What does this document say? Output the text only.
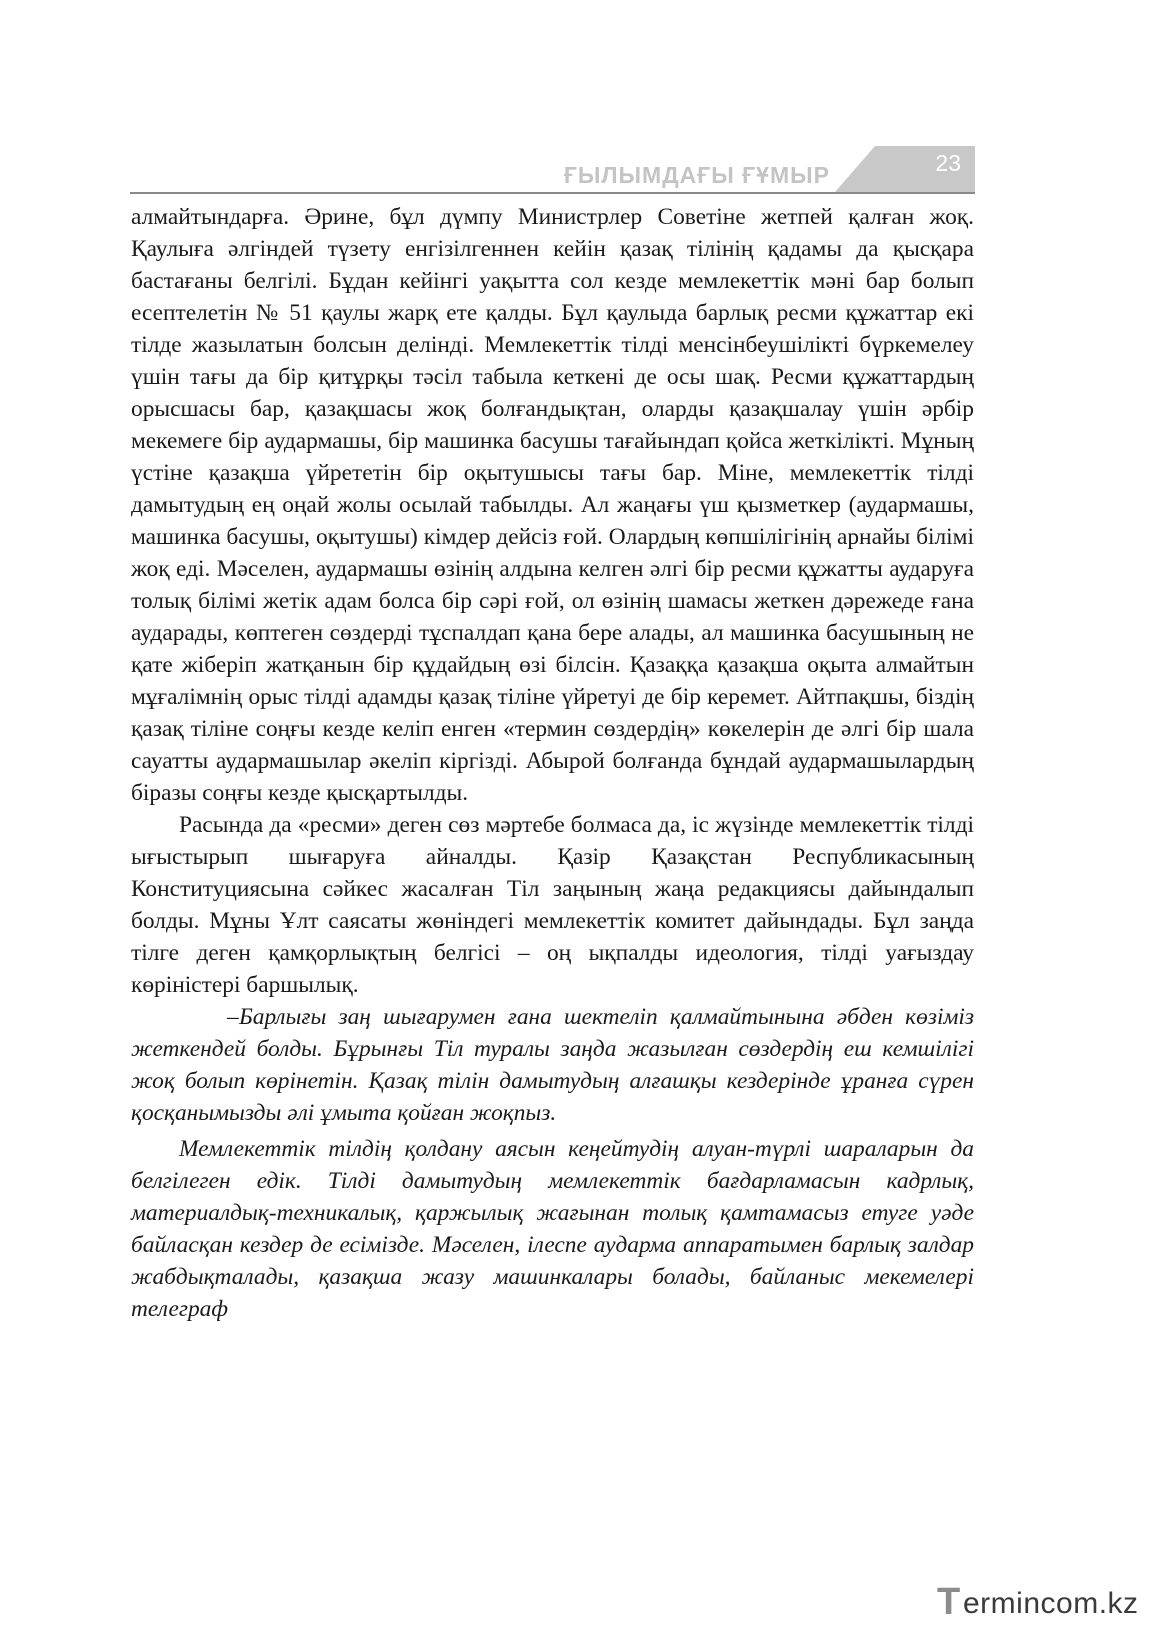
ҒЫЛЫМДАҒЫ ҒҰМЫР	23

алмайтындарға. Әрине, бұл дүмпу Министрлер Советіне жетпей қалған жоқ. Қаулыға әлгіндей түзету енгізілгеннен кейін қазақ тілінің қадамы да қысқара бастағаны белгілі. Бұдан кейінгі уақытта сол кезде мемлекеттік мәні бар болып есептелетін № 51 қаулы жарқ ете қалды. Бұл қаулыда барлық ресми құжаттар екі тілде жазылатын болсын делінді. Мемлекеттік тілді менсінбеушілікті бүркемелеу үшін тағы да бір қитұрқы тәсіл табыла кеткені де осы шақ. Ресми құжаттардың орысшасы бар, қазақшасы жоқ болғандықтан, оларды қазақшалау үшін әрбір мекемеге бір аудармашы, бір машинка басушы тағайындап қойса жеткілікті. Мұның үстіне қазақша үйрететін бір оқытушысы тағы бар. Міне, мемлекеттік тілді дамытудың ең оңай жолы осылай табылды. Ал жаңағы үш қызметкер (аудармашы, машинка басушы, оқытушы) кімдер дейсіз ғой. Олардың көпшілігінің арнайы білімі жоқ еді. Мәселен, аудармашы өзінің алдына келген әлгі бір ресми құжатты аударуға толық білімі жетік адам болса бір сәрі ғой, ол өзінің шамасы жеткен дәрежеде ғана аударады, көптеген сөздерді тұспалдап қана бере алады, ал машинка басушының не қате жіберіп жатқанын бір құдайдың өзі білсін. Қазаққа қазақша оқыта алмайтын мұғалімнің орыс тілді адамды қазақ тіліне үйретуі де бір керемет. Айтпақшы, біздің қазақ тіліне соңғы кезде келіп енген «термин сөздердің» көкелерін де әлгі бір шала сауатты аудармашылар әкеліп кіргізді. Абырой болғанда бұндай аудармашылардың біразы соңғы кезде қысқартылды.

Расында да «ресми» деген сөз мәртебе болмаса да, іс жүзінде мемлекеттік тілді ығыстырып шығаруға айналды. Қазір Қазақстан Республикасының Конституциясына сәйкес жасалған Тіл заңының жаңа редакциясы дайындалып болды. Мұны Ұлт саясаты жөніндегі мемлекеттік комитет дайындады. Бұл заңда тілге деген қамқорлықтың белгісі – оң ықпалды идеология, тілді уағыздау көріністері баршылық.

–Барлығы заң шығарумен ғана шектеліп қалмайтынына әбден көзіміз жеткендей болды. Бұрынғы Тіл туралы заңда жазылған сөздердің еш кемшілігі жоқ болып көрінетін. Қазақ тілін дамытудың алғашқы кездерінде ұранға сүрен қосқанымызды әлі ұмыта қойған жоқпыз.

Мемлекеттік тілдің қолдану аясын кеңейтудің алуан-түрлі шараларын да белгілеген едік. Тілді дамытудың мемлекеттік бағдарламасын кадрлық, материалдық-техникалық, қаржылық жағынан толық қамтамасыз етуге уәде байласқан кездер де есімізде. Мәселен, ілеспе аударма аппаратымен барлық залдар жабдықталады, қазақша жазу машинкалары болады, байланыс мекемелері телеграф

T ermincom.kz
